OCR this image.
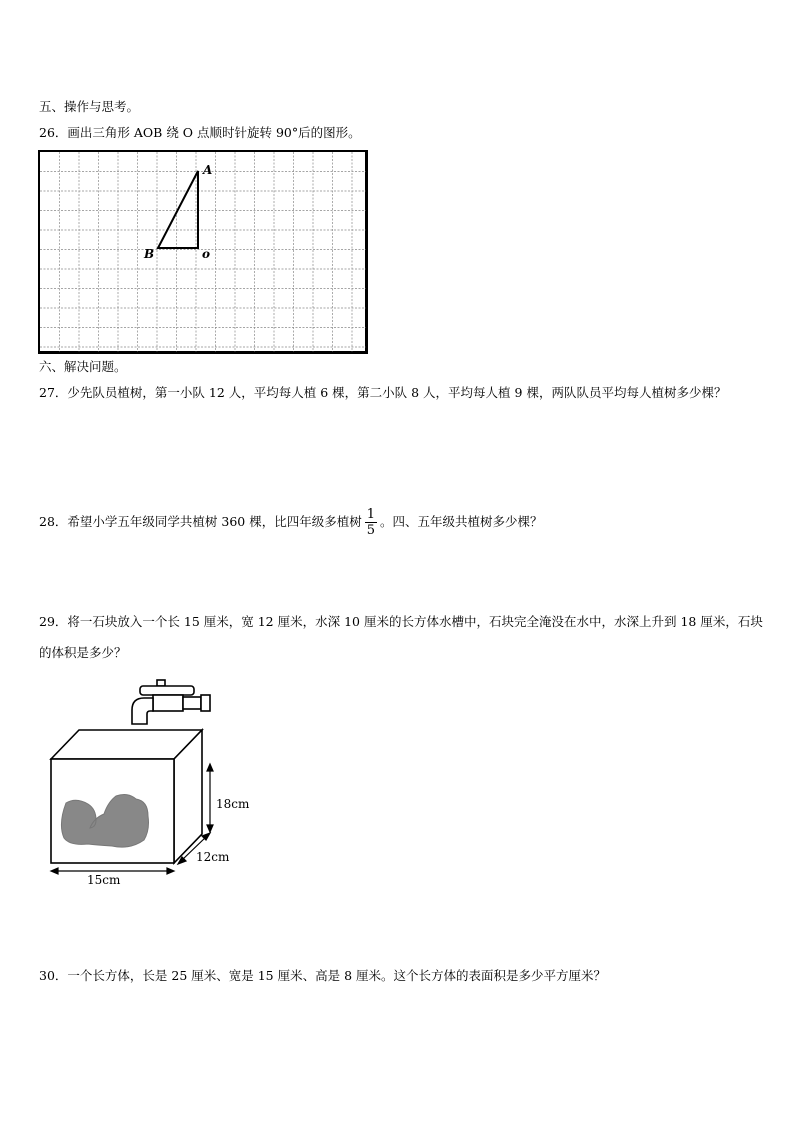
五、操作与思考。
26．画出三角形 AOB 绕 O 点顺时针旋转 90°后的图形。
A
B	o
六、解决问题。
27．少先队员植树，第一小队 12 人，平均每人植 6 棵，第二小队 8 人，平均每人植 9 棵，两队队员平均每人植树多少棵？
28．希望小学五年级同学共植树 360 棵，比四年级多植树 $\frac{1}{5}$ 。四、五年级共植树多少棵？
29．将一石块放入一个长 15 厘米，宽 12 厘米，水深 10 厘米的长方体水槽中，石块完全淹没在水中，水深上升到 18 厘米，石块的体积是多少？
18cm
12cm
15cm
30．一个长方体，长是 25 厘米、宽是 15 厘米、高是 8 厘米。这个长方体的表面积是多少平方厘米？
